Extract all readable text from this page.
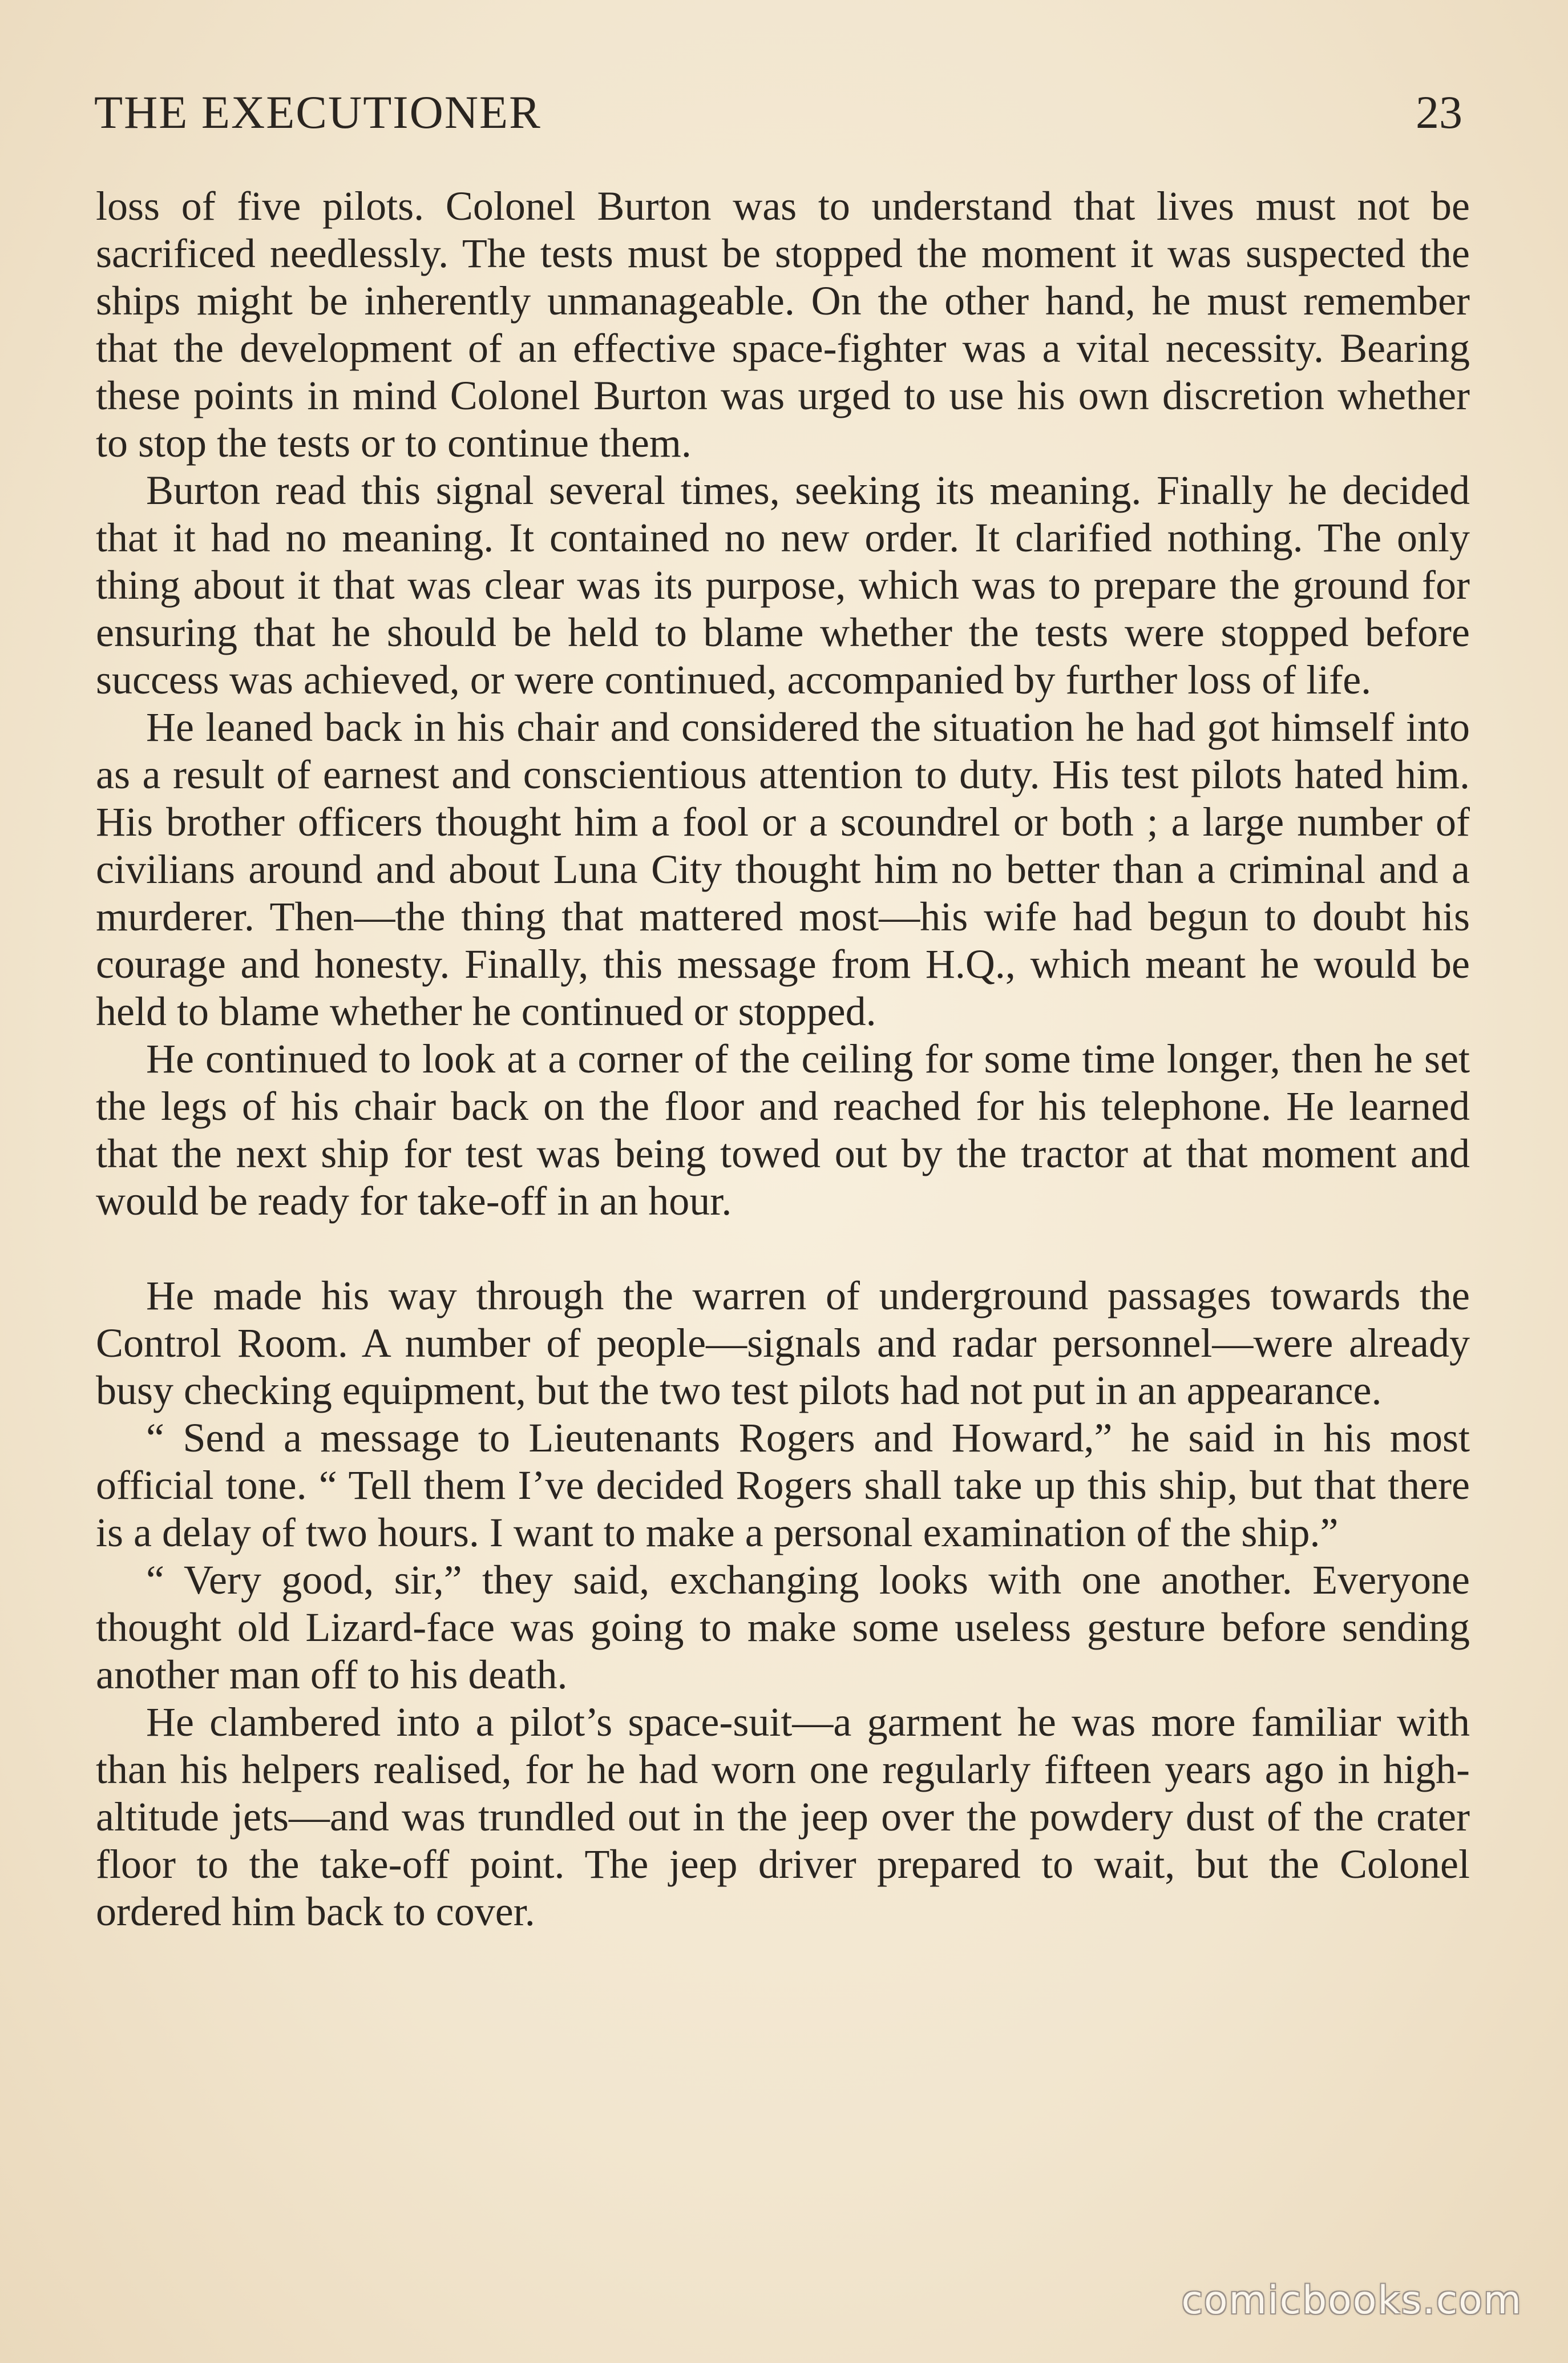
THE EXECUTIONER	23

loss of five pilots. Colonel Burton was to understand that lives must not be sacrificed needlessly. The tests must be stopped the moment it was suspected the ships might be inherently unmanageable. On the other hand, he must remember that the development of an effective space-fighter was a vital necessity. Bearing these points in mind Colonel Burton was urged to use his own discretion whether to stop the tests or to continue them.

Burton read this signal several times, seeking its meaning. Finally he decided that it had no meaning. It contained no new order. It clarified nothing. The only thing about it that was clear was its purpose, which was to prepare the ground for ensuring that he should be held to blame whether the tests were stopped before success was achieved, or were continued, accompanied by further loss of life.

He leaned back in his chair and considered the situation he had got himself into as a result of earnest and conscientious attention to duty. His test pilots hated him. His brother officers thought him a fool or a scoundrel or both ; a large number of civilians around and about Luna City thought him no better than a criminal and a murderer. Then—the thing that mattered most—his wife had begun to doubt his courage and honesty. Finally, this message from H.Q., which meant he would be held to blame whether he continued or stopped.

He continued to look at a corner of the ceiling for some time longer, then he set the legs of his chair back on the floor and reached for his telephone. He learned that the next ship for test was being towed out by the tractor at that moment and would be ready for take-off in an hour.

He made his way through the warren of underground passages towards the Control Room. A number of people—signals and radar personnel—were already busy checking equipment, but the two test pilots had not put in an appearance.

“ Send a message to Lieutenants Rogers and Howard,” he said in his most official tone. “ Tell them I’ve decided Rogers shall take up this ship, but that there is a delay of two hours. I want to make a personal examination of the ship.”

“ Very good, sir,” they said, exchanging looks with one another. Everyone thought old Lizard-face was going to make some useless gesture before sending another man off to his death.

He clambered into a pilot’s space-suit—a garment he was more familiar with than his helpers realised, for he had worn one regularly fifteen years ago in high-altitude jets—and was trundled out in the jeep over the powdery dust of the crater floor to the take-off point. The jeep driver prepared to wait, but the Colonel ordered him back to cover.

comicbooks.com
